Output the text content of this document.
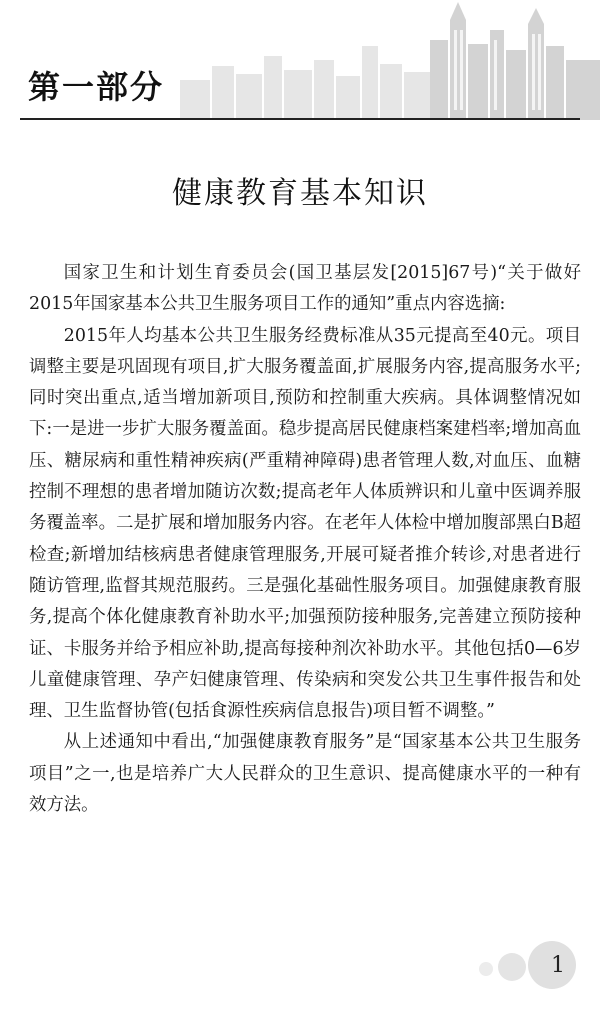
第一部分
健康教育基本知识

国家卫生和计划生育委员会(国卫基层发[2015]67号)“关于做好2015年国家基本公共卫生服务项目工作的通知”重点内容选摘:

2015年人均基本公共卫生服务经费标准从35元提高至40元。项目调整主要是巩固现有项目,扩大服务覆盖面,扩展服务内容,提高服务水平;同时突出重点,适当增加新项目,预防和控制重大疾病。具体调整情况如下:一是进一步扩大服务覆盖面。稳步提高居民健康档案建档率;增加高血压、糖尿病和重性精神疾病(严重精神障碍)患者管理人数,对血压、血糖控制不理想的患者增加随访次数;提高老年人体质辨识和儿童中医调养服务覆盖率。二是扩展和增加服务内容。在老年人体检中增加腹部黑白B超检查;新增加结核病患者健康管理服务,开展可疑者推介转诊,对患者进行随访管理,监督其规范服药。三是强化基础性服务项目。加强健康教育服务,提高个体化健康教育补助水平;加强预防接种服务,完善建立预防接种证、卡服务并给予相应补助,提高每接种剂次补助水平。其他包括0—6岁儿童健康管理、孕产妇健康管理、传染病和突发公共卫生事件报告和处理、卫生监督协管(包括食源性疾病信息报告)项目暂不调整。”

从上述通知中看出,“加强健康教育服务”是“国家基本公共卫生服务项目”之一,也是培养广大人民群众的卫生意识、提高健康水平的一种有效方法。

1
